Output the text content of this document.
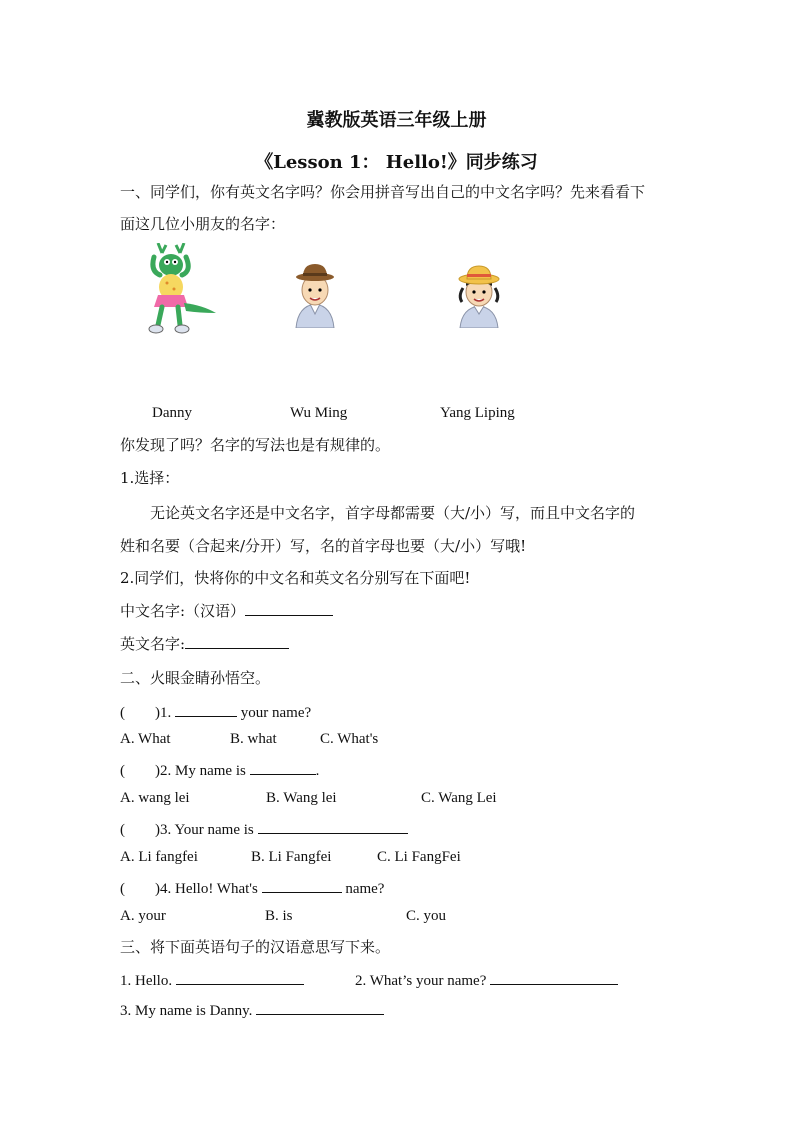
冀教版英语三年级上册
《Lesson 1： Hello!》同步练习
一、同学们，你有英文名字吗？你会用拼音写出自己的中文名字吗？先来看看下
面这几位小朋友的名字：
Danny	Wu Ming	Yang Liping
你发现了吗？名字的写法也是有规律的。
1.选择：
无论英文名字还是中文名字，首字母都需要（大/小）写，而且中文名字的
姓和名要（合起来/分开）写，名的首字母也要（大/小）写哦!
2.同学们，快将你的中文名和英文名分别写在下面吧!
中文名字:（汉语）
英文名字:
二、火眼金睛孙悟空。
(        )1.	your name?
A. What	B. what	C. What's
(        )2. My name is	.
A. wang lei	B. Wang lei	C. Wang Lei
(        )3. Your name is
A. Li fangfei	B. Li Fangfei	C. Li FangFei
(        )4. Hello! What's	name?
A. your	B. is	C. you
三、将下面英语句子的汉语意思写下来。
1. Hello.	2. What’s your name?
3. My name is Danny.
